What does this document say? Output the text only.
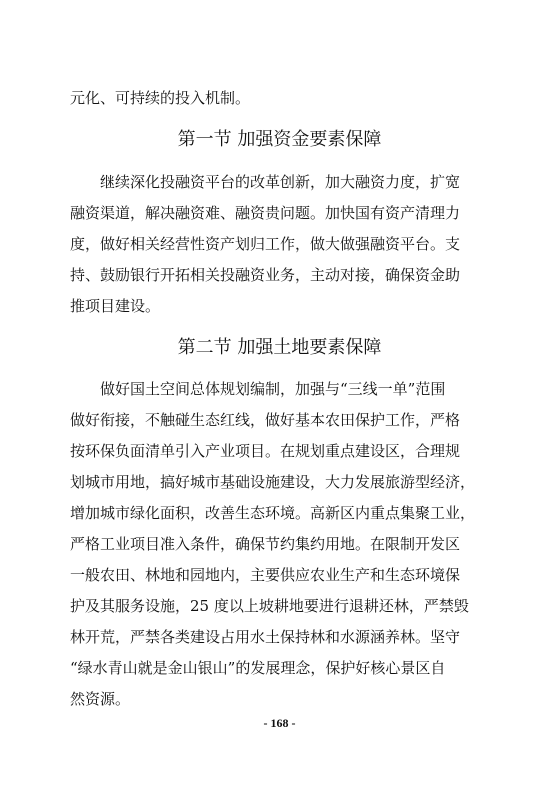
元化、可持续的投入机制。
第一节 加强资金要素保障
继续深化投融资平台的改革创新，加大融资力度，扩宽
融资渠道，解决融资难、融资贵问题。加快国有资产清理力
度，做好相关经营性资产划归工作，做大做强融资平台。支
持、鼓励银行开拓相关投融资业务，主动对接，确保资金助
推项目建设。
第二节 加强土地要素保障
做好国土空间总体规划编制，加强与“三线一单”范围
做好衔接，不触碰生态红线，做好基本农田保护工作，严格
按环保负面清单引入产业项目。在规划重点建设区，合理规
划城市用地，搞好城市基础设施建设，大力发展旅游型经济，
增加城市绿化面积，改善生态环境。高新区内重点集聚工业，
严格工业项目准入条件，确保节约集约用地。在限制开发区
一般农田、林地和园地内，主要供应农业生产和生态环境保
护及其服务设施，25 度以上坡耕地要进行退耕还林，严禁毁
林开荒，严禁各类建设占用水土保持林和水源涵养林。坚守
“绿水青山就是金山银山”的发展理念，保护好核心景区自
然资源。
- 168 -
